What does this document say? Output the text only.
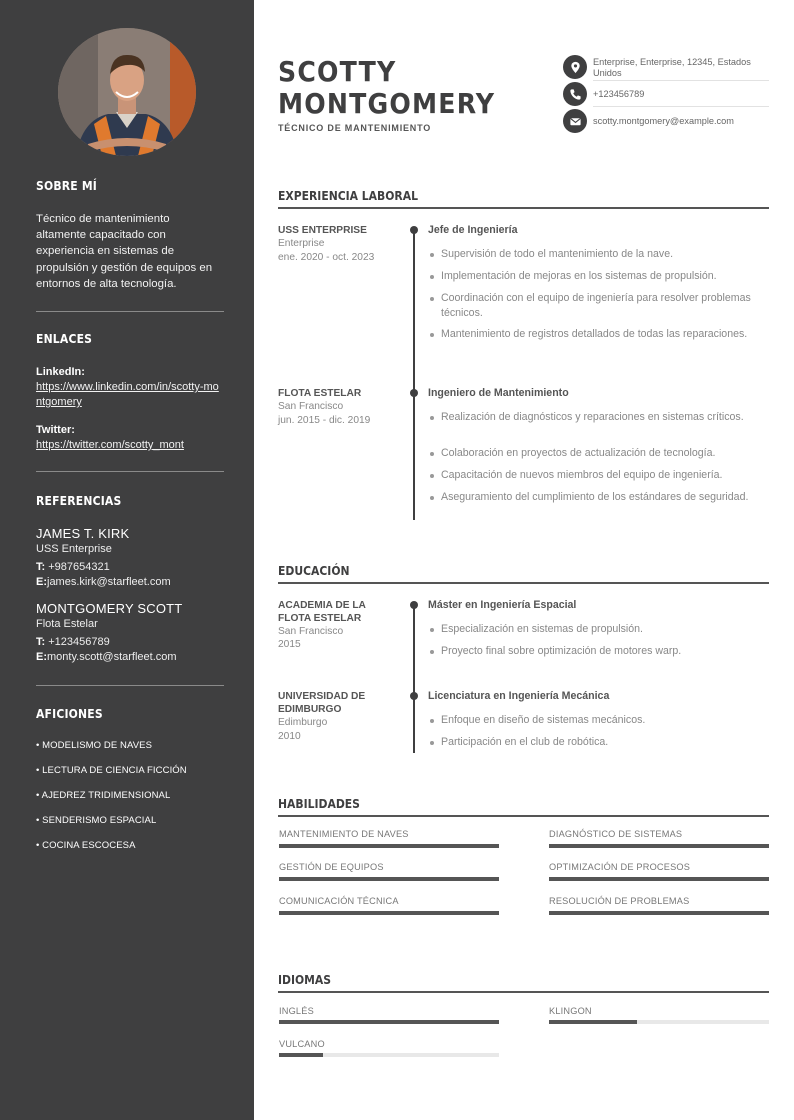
SOBRE MÍ
Técnico de mantenimiento altamente capacitado con experiencia en sistemas de propulsión y gestión de equipos en entornos de alta tecnología.
ENLACES
LinkedIn:
https://www.linkedin.com/in/scotty-montgomery
Twitter:
https://twitter.com/scotty_mont
REFERENCIAS
JAMES T. KIRK
USS Enterprise
T: +987654321
E:james.kirk@starfleet.com
MONTGOMERY SCOTT
Flota Estelar
T: +123456789
E:monty.scott@starfleet.com
AFICIONES
• MODELISMO DE NAVES
• LECTURA DE CIENCIA FICCIÓN
• AJEDREZ TRIDIMENSIONAL
• SENDERISMO ESPACIAL
• COCINA ESCOCESA
SCOTTY
MONTGOMERY
TÉCNICO DE MANTENIMIENTO
Enterprise, Enterprise, 12345, Estados Unidos
+123456789
scotty.montgomery@example.com
EXPERIENCIA LABORAL
USS ENTERPRISE
Enterprise
ene. 2020 - oct. 2023
Jefe de Ingeniería
Supervisión de todo el mantenimiento de la nave.
Implementación de mejoras en los sistemas de propulsión.
Coordinación con el equipo de ingeniería para resolver problemas técnicos.
Mantenimiento de registros detallados de todas las reparaciones.
FLOTA ESTELAR
San Francisco
jun. 2015 - dic. 2019
Ingeniero de Mantenimiento
Realización de diagnósticos y reparaciones en sistemas críticos.
Colaboración en proyectos de actualización de tecnología.
Capacitación de nuevos miembros del equipo de ingeniería.
Aseguramiento del cumplimiento de los estándares de seguridad.
EDUCACIÓN
ACADEMIA DE LA FLOTA ESTELAR
San Francisco
2015
Máster en Ingeniería Espacial
Especialización en sistemas de propulsión.
Proyecto final sobre optimización de motores warp.
UNIVERSIDAD DE EDIMBURGO
Edimburgo
2010
Licenciatura en Ingeniería Mecánica
Enfoque en diseño de sistemas mecánicos.
Participación en el club de robótica.
HABILIDADES
MANTENIMIENTO DE NAVES	DIAGNÓSTICO DE SISTEMAS
GESTIÓN DE EQUIPOS	OPTIMIZACIÓN DE PROCESOS
COMUNICACIÓN TÉCNICA	RESOLUCIÓN DE PROBLEMAS
IDIOMAS
INGLÉS	KLINGON
VULCANO
